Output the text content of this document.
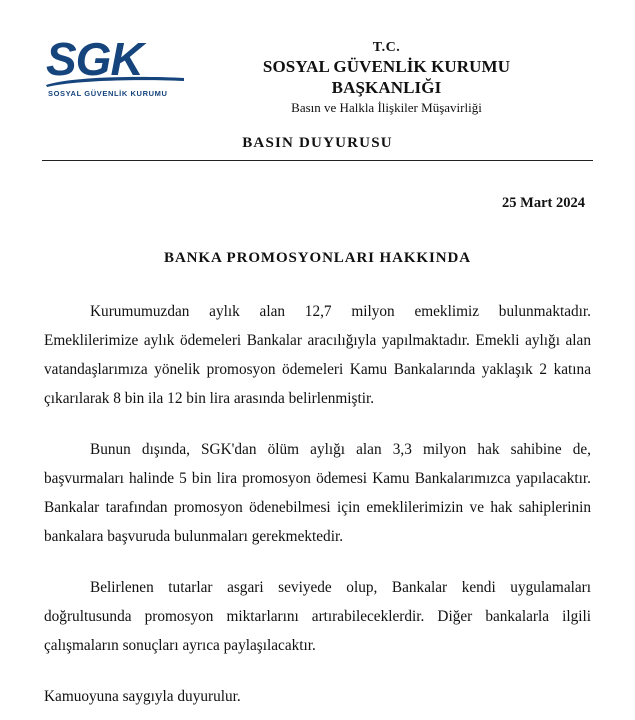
SGK
SOSYAL GÜVENLİK KURUMU
T.C.
SOSYAL GÜVENLİK KURUMU BAŞKANLIĞI
Basın ve Halkla İlişkiler Müşavirliği
BASIN DUYURUSU
25 Mart 2024
BANKA PROMOSYONLARI HAKKINDA

Kurumumuzdan aylık alan 12,7 milyon emeklimiz bulunmaktadır. Emeklilerimize aylık ödemeleri Bankalar aracılığıyla yapılmaktadır. Emekli aylığı alan vatandaşlarımıza yönelik promosyon ödemeleri Kamu Bankalarında yaklaşık 2 katına çıkarılarak 8 bin ila 12 bin lira arasında belirlenmiştir.

Bunun dışında, SGK'dan ölüm aylığı alan 3,3 milyon hak sahibine de, başvurmaları halinde 5 bin lira promosyon ödemesi Kamu Bankalarımızca yapılacaktır. Bankalar tarafından promosyon ödenebilmesi için emeklilerimizin ve hak sahiplerinin bankalara başvuruda bulunmaları gerekmektedir.

Belirlenen tutarlar asgari seviyede olup, Bankalar kendi uygulamaları doğrultusunda promosyon miktarlarını artırabileceklerdir. Diğer bankalarla ilgili çalışmaların sonuçları ayrıca paylaşılacaktır.

Kamuoyuna saygıyla duyurulur.
